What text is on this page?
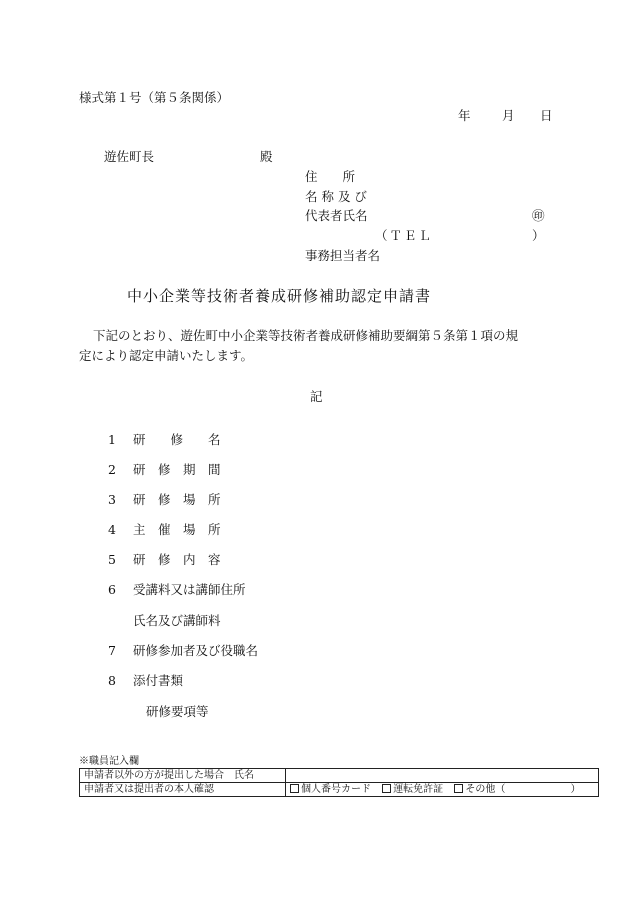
様式第１号（第５条関係）
年	月 日
遊佐町長	殿
住　　所
名 称 及 び
代表者氏名	㊞
（ＴＥＬ	）
事務担当者名
中小企業等技術者養成研修補助認定申請書
下記のとおり、遊佐町中小企業等技術者養成研修補助要綱第５条第１項の規
定により認定申請いたします。
記
1 研　　修　　名
2 研　修　期　間
3 研　修　場　所
4 主　催　場　所
5 研　修　内　容
6 受講料又は講師住所
氏名及び講師料
7 研修参加者及び役職名
8 添付書類
研修要項等
※職員記入欄
申請者以外の方が提出した場合　氏名	
申請者又は提出者の本人確認	個人番号カード 運転免許証 その他（ ）
